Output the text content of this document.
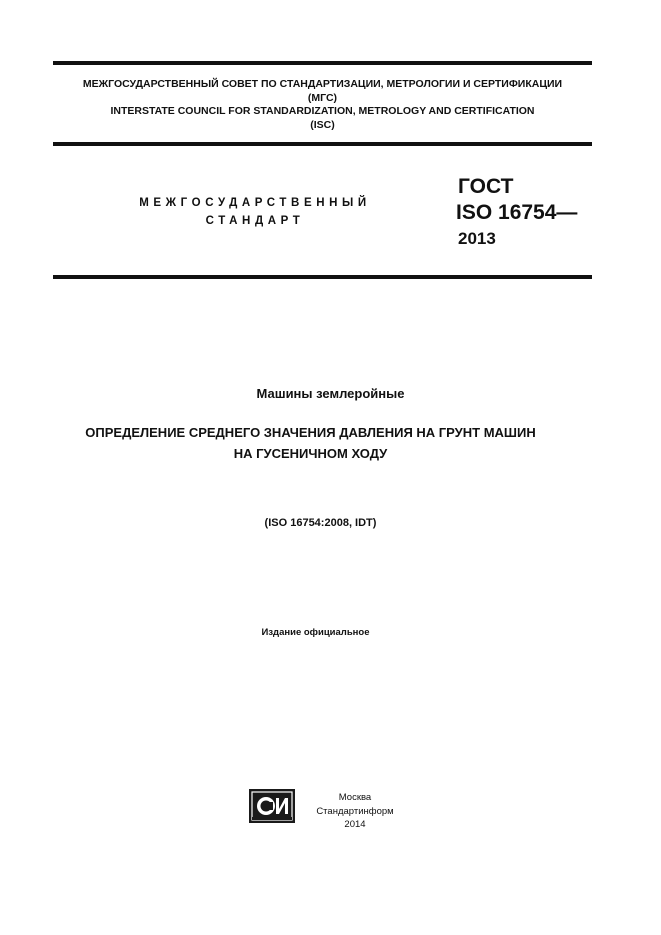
МЕЖГОСУДАРСТВЕННЫЙ СОВЕТ ПО СТАНДАРТИЗАЦИИ, МЕТРОЛОГИИ И СЕРТИФИКАЦИИ
(МГС)
INTERSTATE COUNCIL FOR STANDARDIZATION, METROLOGY AND CERTIFICATION
(ISC)
МЕЖГОСУДАРСТВЕННЫЙ
СТАНДАРТ
ГОСТ
ISO 16754—
2013
Машины землеройные
ОПРЕДЕЛЕНИЕ СРЕДНЕГО ЗНАЧЕНИЯ ДАВЛЕНИЯ НА ГРУНТ МАШИН
НА ГУСЕНИЧНОМ ХОДУ
(ISO 16754:2008, IDT)
Издание официальное
Москва
Стандартинформ
2014
